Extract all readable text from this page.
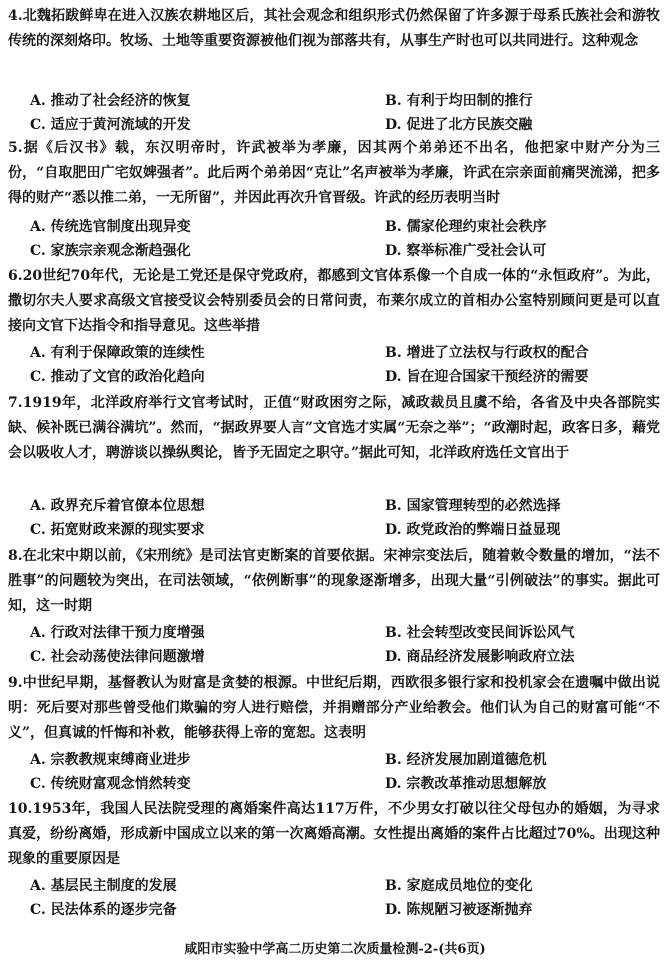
4.北魏拓跋鲜卑在进入汉族农耕地区后，其社会观念和组织形式仍然保留了许多源于母系氏族社会和游牧传统的深刻烙印。牧场、土地等重要资源被他们视为部落共有，从事生产时也可以共同进行。这种观念
A. 推动了社会经济的恢复	B. 有利于均田制的推行
C. 适应于黄河流域的开发	D. 促进了北方民族交融
5.据《后汉书》载，东汉明帝时，许武被举为孝廉，因其两个弟弟还不出名，他把家中财产分为三份，“自取肥田广宅奴婢强者”。此后两个弟弟因“克让”名声被举为孝廉，许武在宗亲面前痛哭流涕，把多得的财产“悉以推二弟，一无所留”，并因此再次升官晋级。许武的经历表明当时
A. 传统选官制度出现异变	B. 儒家伦理约束社会秩序
C. 家族宗亲观念渐趋强化	D. 察举标准广受社会认可
6.20世纪70年代，无论是工党还是保守党政府，都感到文官体系像一个自成一体的“永恒政府”。为此，撒切尔夫人要求高级文官接受议会特别委员会的日常问责，布莱尔成立的首相办公室特别顾问更是可以直接向文官下达指令和指导意见。这些举措
A. 有利于保障政策的连续性	B. 增进了立法权与行政权的配合
C. 推动了文官的政治化趋向	D. 旨在迎合国家干预经济的需要
7.1919年，北洋政府举行文官考试时，正值“财政困穷之际，减政裁员且虞不给，各省及中央各部院实缺、候补既已满谷满坑”。然而，“据政界要人言”文官选才实属“无奈之举”；“政潮时起，政客日多，藉党会以吸收人才，聘游谈以操纵舆论，皆予无固定之职守。”据此可知，北洋政府选任文官出于
A. 政界充斥着官僚本位思想	B. 国家管理转型的必然选择
C. 拓宽财政来源的现实要求	D. 政党政治的弊端日益显现
8.在北宋中期以前，《宋刑统》是司法官吏断案的首要依据。宋神宗变法后，随着敕令数量的增加，“法不胜事”的问题较为突出，在司法领域，“依例断事”的现象逐渐增多，出现大量“引例破法”的事实。据此可知，这一时期
A. 行政对法律干预力度增强	B. 社会转型改变民间诉讼风气
C. 社会动荡使法律问题激增	D. 商品经济发展影响政府立法
9.中世纪早期，基督教认为财富是贪婪的根源。中世纪后期，西欧很多银行家和投机家会在遗嘱中做出说明：死后要对那些曾受他们欺骗的穷人进行赔偿，并捐赠部分产业给教会。他们认为自己的财富可能“不义”，但真诚的忏悔和补救，能够获得上帝的宽恕。这表明
A. 宗教教规束缚商业进步	B. 经济发展加剧道德危机
C. 传统财富观念悄然转变	D. 宗教改革推动思想解放
10.1953年，我国人民法院受理的离婚案件高达117万件，不少男女打破以往父母包办的婚姻，为寻求真爱，纷纷离婚，形成新中国成立以来的第一次离婚高潮。女性提出离婚的案件占比超过70%。出现这种现象的重要原因是
A. 基层民主制度的发展	B. 家庭成员地位的变化
C. 民法体系的逐步完备	D. 陈规陋习被逐渐抛弃
咸阳市实验中学高二历史第二次质量检测-2-(共6页)
